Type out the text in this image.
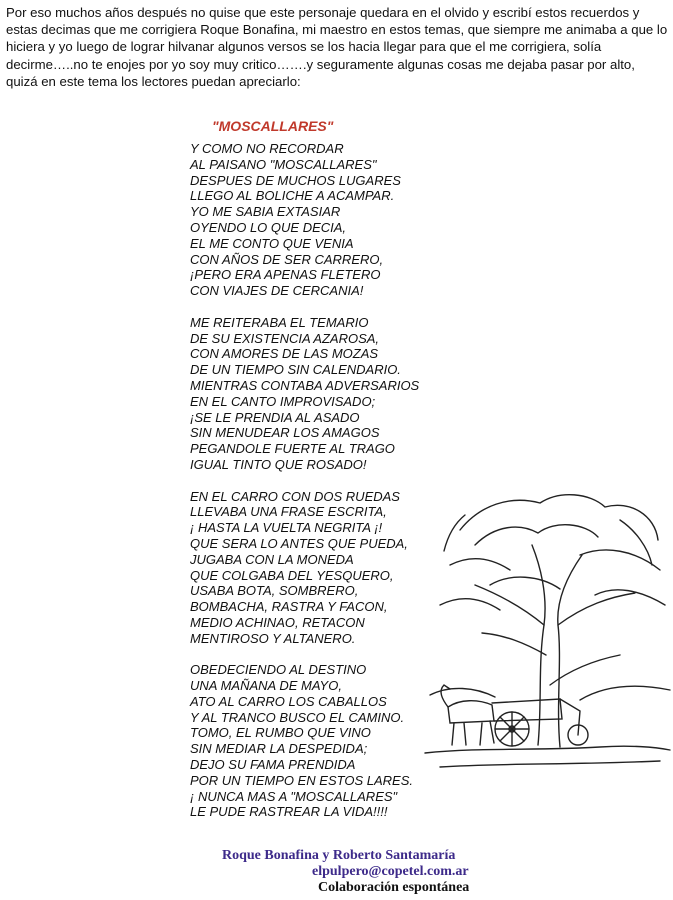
Por eso muchos años después no quise que este personaje quedara en el olvido y escribí estos recuerdos y estas decimas que me corrigiera Roque Bonafina, mi maestro en estos temas, que siempre me animaba a que lo hiciera y yo luego de lograr hilvanar algunos versos se los hacia llegar para que el me corrigiera, solía decirme…..no te enojes por yo soy muy critico…….y seguramente algunas cosas me dejaba pasar por alto, quizá en este tema los lectores puedan apreciarlo:

"MOSCALLARES"
Y COMO NO RECORDAR
AL PAISANO "MOSCALLARES"
DESPUES DE MUCHOS LUGARES
LLEGO AL BOLICHE A ACAMPAR.
YO ME SABIA EXTASIAR
OYENDO LO QUE DECIA,
EL ME CONTO QUE VENIA
CON AÑOS DE SER CARRERO,
¡PERO ERA APENAS FLETERO
CON VIAJES DE CERCANIA!
ME REITERABA EL TEMARIO
DE SU EXISTENCIA AZAROSA,
CON AMORES DE LAS MOZAS
DE UN TIEMPO SIN CALENDARIO.
MIENTRAS CONTABA ADVERSARIOS
EN EL CANTO IMPROVISADO;
¡SE LE PRENDIA AL ASADO
SIN MENUDEAR LOS AMAGOS
PEGANDOLE FUERTE AL TRAGO
IGUAL TINTO QUE ROSADO!
EN EL CARRO CON DOS RUEDAS
LLEVABA UNA FRASE ESCRITA,
¡ HASTA LA VUELTA NEGRITA ¡!
QUE SERA LO ANTES QUE PUEDA,
JUGABA CON LA MONEDA
QUE COLGABA DEL YESQUERO,
USABA BOTA, SOMBRERO,
BOMBACHA, RASTRA Y FACON,
MEDIO ACHINAO, RETACON
MENTIROSO Y ALTANERO.
OBEDECIENDO AL DESTINO
UNA MAÑANA DE MAYO,
ATO AL CARRO LOS CABALLOS
Y AL TRANCO BUSCO EL CAMINO.
TOMO, EL RUMBO QUE VINO
SIN MEDIAR LA DESPEDIDA;
DEJO SU FAMA PRENDIDA
POR UN TIEMPO EN ESTOS LARES.
¡ NUNCA MAS A "MOSCALLARES"
LE PUDE RASTREAR LA VIDA!!!!
Roque Bonafina y Roberto Santamaría
elpulpero@copetel.com.ar
Colaboración espontánea
